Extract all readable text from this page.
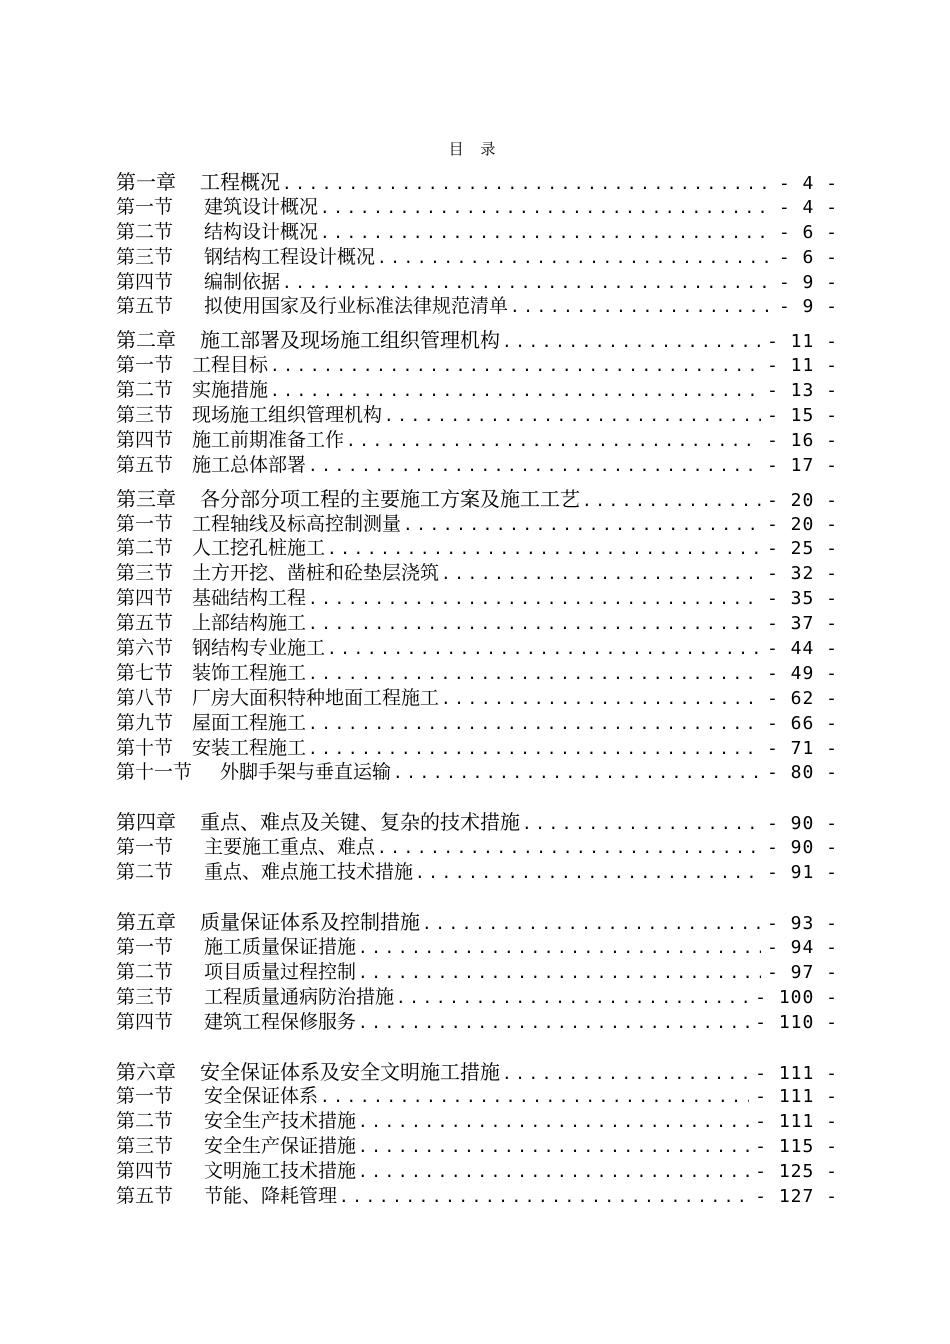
目 录
第一章	工程概况 . . .	- 4 -
第一节	建筑设计概况 . . .	- 4 -
第二节	结构设计概况 . . .	- 6 -
第三节	钢结构工程设计概况 . . .	- 6 -
第四节	编制依据 . . .	- 9 -
第五节	拟使用国家及行业标准法律规范清单 . . .	- 9 -
第二章	施工部署及现场施工组织管理机构 . . .	- 11 -
第一节 工程目标 . . .	- 11 -
第二节 实施措施 . . .	- 13 -
第三节 现场施工组织管理机构 . . .	- 15 -
第四节 施工前期准备工作 . . .	- 16 -
第五节 施工总体部署 . . .	- 17 -
第三章	各分部分项工程的主要施工方案及施工工艺 . . .	- 20 -
第一节 工程轴线及标高控制测量 . . .	- 20 -
第二节 人工挖孔桩施工 . . .	- 25 -
第三节 土方开挖、凿桩和砼垫层浇筑 . . .	- 32 -
第四节 基础结构工程 . . .	- 35 -
第五节 上部结构施工 . . .	- 37 -
第六节 钢结构专业施工 . . .	- 44 -
第七节 装饰工程施工 . . .	- 49 -
第八节 厂房大面积特种地面工程施工 . . .	- 62 -
第九节 屋面工程施工 . . .	- 66 -
第十节 安装工程施工 . . .	- 71 -
第十一节	外脚手架与垂直运输 . . .	- 80 -
第四章	重点、难点及关键、复杂的技术措施 . . .	- 90 -
第一节	主要施工重点、难点 . . .	- 90 -
第二节	重点、难点施工技术措施 . . .	- 91 -
第五章	质量保证体系及控制措施 . . .	- 93 -
第一节	施工质量保证措施 . . .	- 94 -
第二节	项目质量过程控制 . . .	- 97 -
第三节	工程质量通病防治措施 . . .	- 100 -
第四节	建筑工程保修服务 . . .	- 110 -
第六章	安全保证体系及安全文明施工措施 . . .	- 111 -
第一节	安全保证体系 . . .	- 111 -
第二节	安全生产技术措施 . . .	- 111 -
第三节	安全生产保证措施 . . .	- 115 -
第四节	文明施工技术措施 . . .	- 125 -
第五节	节能、降耗管理 . . .	- 127 -
